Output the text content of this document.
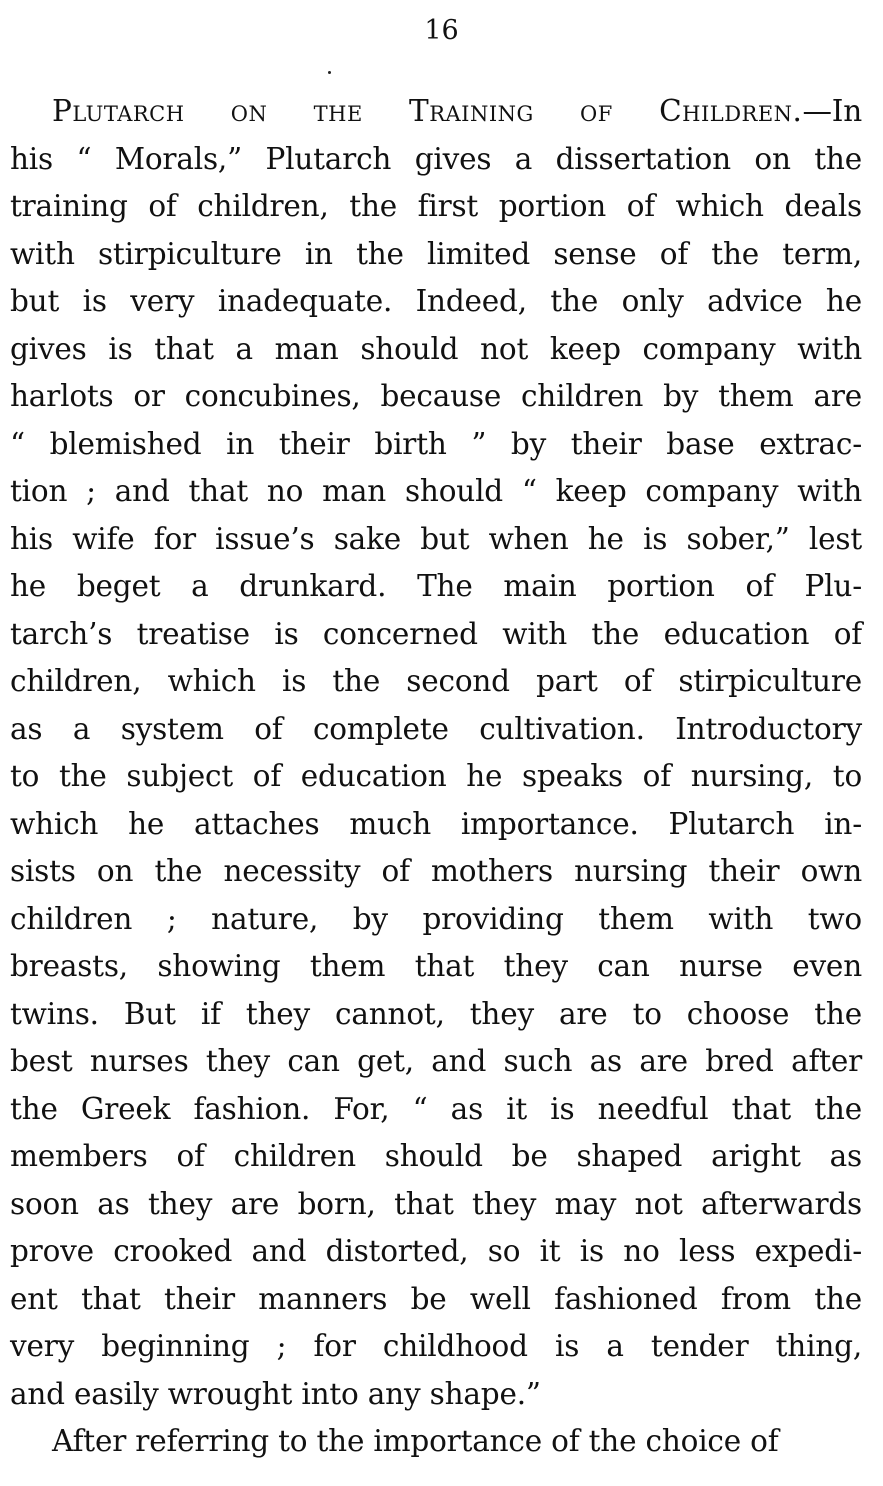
16
Plutarch on the Training of Children.—In
his “ Morals,” Plutarch gives a dissertation on the
training of children, the first portion of which deals
with stirpiculture in the limited sense of the term,
but is very inadequate. Indeed, the only advice he
gives is that a man should not keep company with
harlots or concubines, because children by them are
“ blemished in their birth ” by their base extrac-
tion ; and that no man should “ keep company with
his wife for issue’s sake but when he is sober,” lest
he beget a drunkard. The main portion of Plu-
tarch’s treatise is concerned with the education of
children, which is the second part of stirpiculture
as a system of complete cultivation. Introductory
to the subject of education he speaks of nursing, to
which he attaches much importance. Plutarch in-
sists on the necessity of mothers nursing their own
children ; nature, by providing them with two
breasts, showing them that they can nurse even
twins. But if they cannot, they are to choose the
best nurses they can get, and such as are bred after
the Greek fashion. For, “ as it is needful that the
members of children should be shaped aright as
soon as they are born, that they may not afterwards
prove crooked and distorted, so it is no less expedi-
ent that their manners be well fashioned from the
very beginning ; for childhood is a tender thing,
and easily wrought into any shape.”
After referring to the importance of the choice of
